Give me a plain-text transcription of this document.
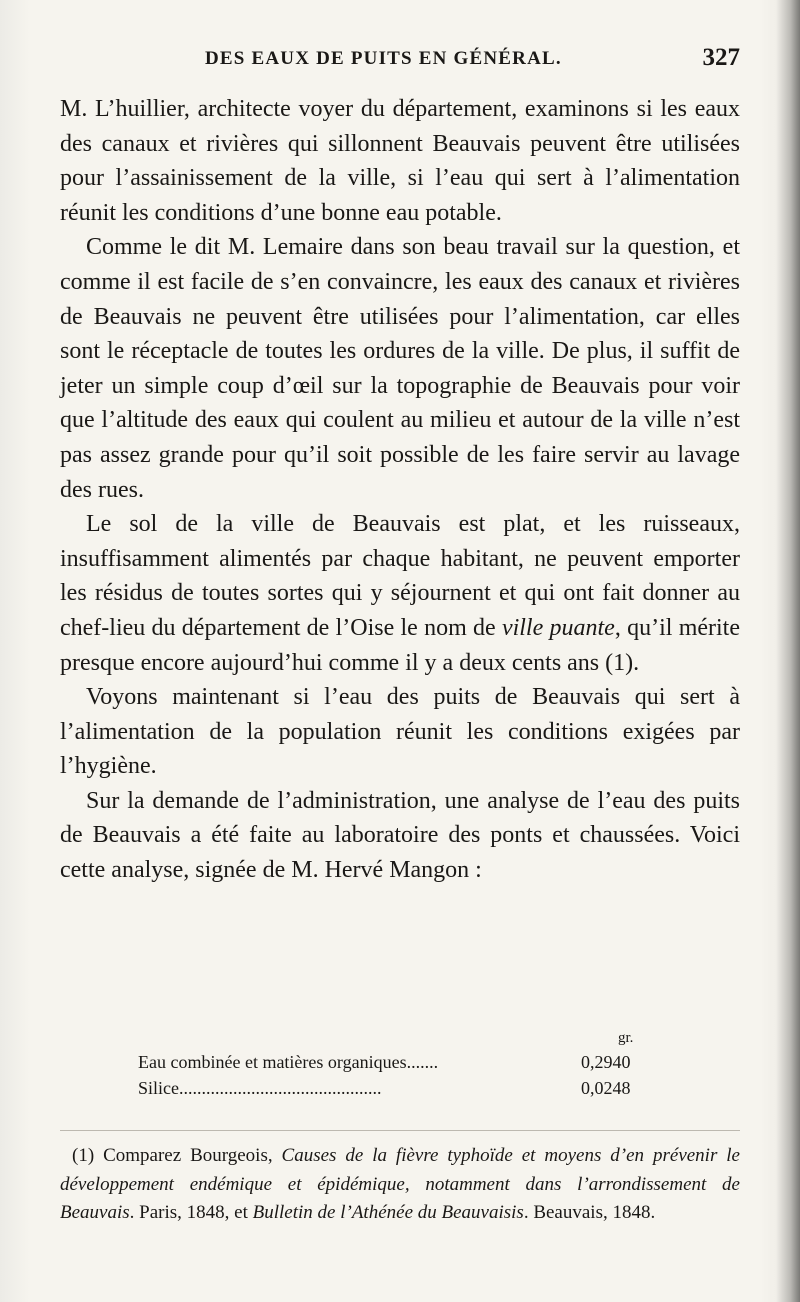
DES EAUX DE PUITS EN GÉNÉRAL.	327

M. L’huillier, architecte voyer du département, examinons si les eaux des canaux et rivières qui sillonnent Beauvais peuvent être utilisées pour l’assainissement de la ville, si l’eau qui sert à l’alimentation réunit les conditions d’une bonne eau potable.

Comme le dit M. Lemaire dans son beau travail sur la question, et comme il est facile de s’en convaincre, les eaux des canaux et rivières de Beauvais ne peuvent être utilisées pour l’alimentation, car elles sont le réceptacle de toutes les ordures de la ville. De plus, il suffit de jeter un simple coup d’œil sur la topographie de Beauvais pour voir que l’altitude des eaux qui coulent au milieu et autour de la ville n’est pas assez grande pour qu’il soit possible de les faire servir au lavage des rues.

Le sol de la ville de Beauvais est plat, et les ruisseaux, insuffisamment alimentés par chaque habitant, ne peuvent emporter les résidus de toutes sortes qui y séjournent et qui ont fait donner au chef-lieu du département de l’Oise le nom de ville puante, qu’il mérite presque encore aujourd’hui comme il y a deux cents ans (1).

Voyons maintenant si l’eau des puits de Beauvais qui sert à l’alimentation de la population réunit les conditions exigées par l’hygiène.

Sur la demande de l’administration, une analyse de l’eau des puits de Beauvais a été faite au laboratoire des ponts et chaussées. Voici cette analyse, signée de M. Hervé Mangon :

gr.
Eau combinée et matières organiques.......	0,2940
Silice.............................................	0,0248

(1) Comparez Bourgeois, Causes de la fièvre typhoïde et moyens d’en prévenir le développement endémique et épidémique, notamment dans l’arrondissement de Beauvais. Paris, 1848, et Bulletin de l’Athénée du Beauvaisis. Beauvais, 1848.
